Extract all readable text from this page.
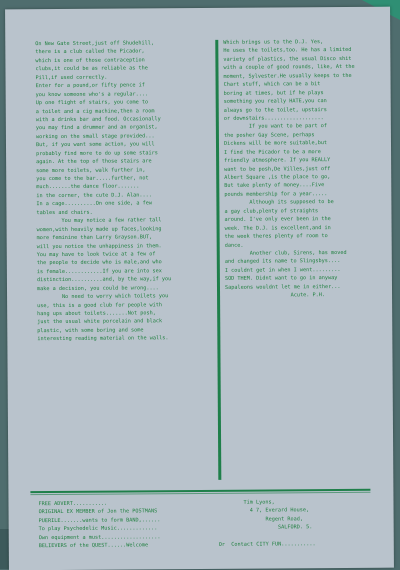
On New Gate Street,just off Shudehill,
there is a club called the Picador,
which is one of those contraception
clubs,it could be as reliable as the
Pill,if used correctly.
Enter for a pound,or fifty pence if
you know someone who's a regular....
Up one flight of stairs, you come to
a toilet and a cig machine,then a room
with a drinks bar and food. Occasionally
you may find a drummer and an organist,
working on the small stage provided...
But, if you want some action, you will
probably find more to do up some stairs
again. At the top of those stairs are
some more toilets, walk further in,
you come to the bar.....further, not
much.......the dance floor.......
in the corner, the cute D.J. Alan....
In a cage..........On one side, a few
tables and chairs.
You may notice a few rather tall
women,with heavily made up faces,looking
more feminine than Larry Grayson.BUT,
will you notice the unhappiness in them.
You may have to look twice at a few of
the people to decide who is male,and who
is female............If you are into sex
distinction..........and, by the way,if you
make a decision, you could be wrong....
No need to worry which toilets you
use, this is a good club for people with
hang ups about toilets.......Not posh,
just the usual white porcelain and black
plastic, with some boring and some
interesting reading material on the walls.
Which brings us to the D.J. Yes,
He uses the toilets,too. He has a limited
variety of plastics, the usual Disco shit
with a couple of good rounds, like, At the
moment, Sylvester.He usually keeps to the
Chart stuff, which can be a bit
boring at times, but if he plays
something you really HATE,you can
always go to the toilet, upstairs
or downstairs...................
If you want to be part of
the posher Gay Scene, perhaps
Dickens will be more suitable,but
I find the Picador to be a more
friendly atmosphere. If you REALLY
want to be posh,De Villes,just off
Albert Square ,is the place to go,
But take plenty of money....Five
pounds membership for a year.....
Although its supposed to be
a gay club,plenty of straights
around. I've only ever been in the
week. The D.J. is excellent,and in
the week theres plenty of room to
dance.
Another club, Sirens, has moved
and changed its name to Slingsbys....
I couldnt get in when I went.........
SOD THEM. Didnt want to go in anyway
Sapaleons wouldnt let me in either...
Acute. P.H.
FREE ADVERT...........
ORIGINAL EX MEMBER of Jon the POSTMANS
PUERILE.......wants to form BAND,......
To play Psychedelic Music.............
Own equipment a must...................
BELIEVERS of the QUEST......Welcome
Tim Lyons,
4 7, Everard House,
Regent Road,
SALFORD. 5.
Or  Contact CITY FUN...........
